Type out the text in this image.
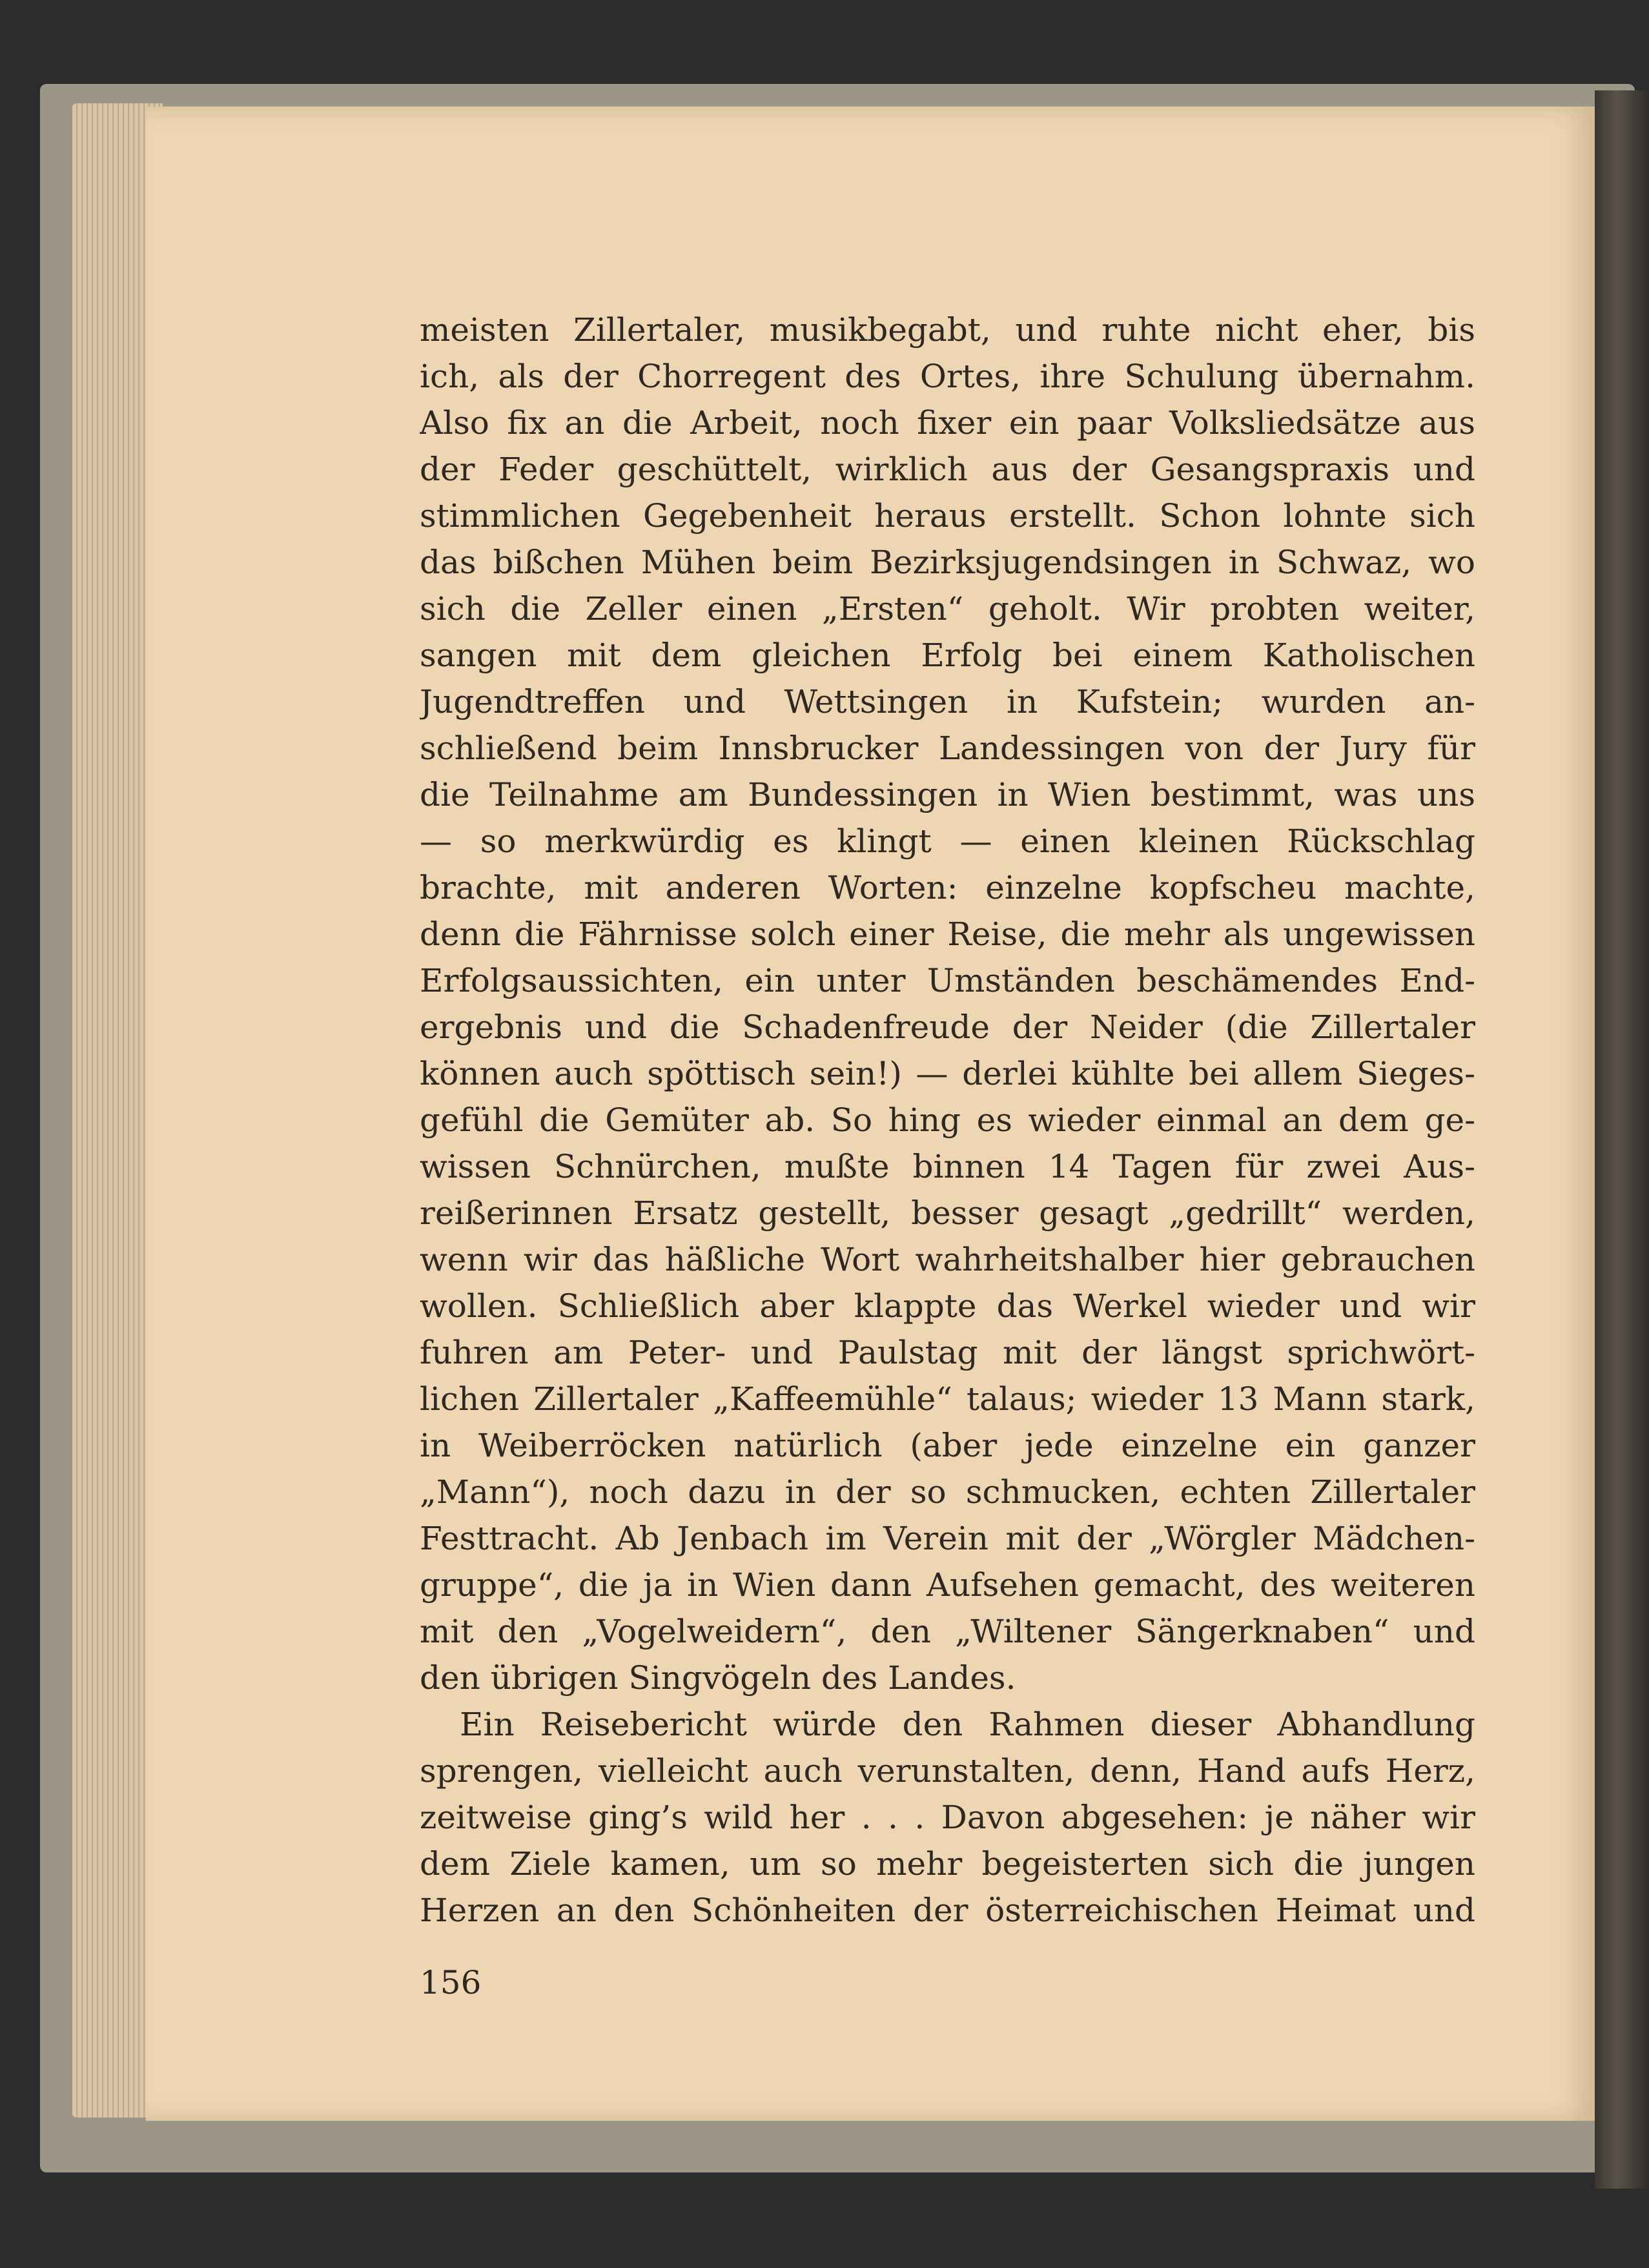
meisten Zillertaler, musikbegabt, und ruhte nicht eher, bis
ich, als der Chorregent des Ortes, ihre Schulung übernahm.
Also fix an die Arbeit, noch fixer ein paar Volksliedsätze aus
der Feder geschüttelt, wirklich aus der Gesangspraxis und
stimmlichen Gegebenheit heraus erstellt. Schon lohnte sich
das bißchen Mühen beim Bezirksjugendsingen in Schwaz, wo
sich die Zeller einen „Ersten“ geholt. Wir probten weiter,
sangen mit dem gleichen Erfolg bei einem Katholischen
Jugendtreffen und Wettsingen in Kufstein; wurden an-
schließend beim Innsbrucker Landessingen von der Jury für
die Teilnahme am Bundessingen in Wien bestimmt, was uns
— so merkwürdig es klingt — einen kleinen Rückschlag
brachte, mit anderen Worten: einzelne kopfscheu machte,
denn die Fährnisse solch einer Reise, die mehr als ungewissen
Erfolgsaussichten, ein unter Umständen beschämendes End-
ergebnis und die Schadenfreude der Neider (die Zillertaler
können auch spöttisch sein!) — derlei kühlte bei allem Sieges-
gefühl die Gemüter ab. So hing es wieder einmal an dem ge-
wissen Schnürchen, mußte binnen 14 Tagen für zwei Aus-
reißerinnen Ersatz gestellt, besser gesagt „gedrillt“ werden,
wenn wir das häßliche Wort wahrheitshalber hier gebrauchen
wollen. Schließlich aber klappte das Werkel wieder und wir
fuhren am Peter- und Paulstag mit der längst sprichwört-
lichen Zillertaler „Kaffeemühle“ talaus; wieder 13 Mann stark,
in Weiberröcken natürlich (aber jede einzelne ein ganzer
„Mann“), noch dazu in der so schmucken, echten Zillertaler
Festtracht. Ab Jenbach im Verein mit der „Wörgler Mädchen-
gruppe“, die ja in Wien dann Aufsehen gemacht, des weiteren
mit den „Vogelweidern“, den „Wiltener Sängerknaben“ und
den übrigen Singvögeln des Landes.
Ein Reisebericht würde den Rahmen dieser Abhandlung
sprengen, vielleicht auch verunstalten, denn, Hand aufs Herz,
zeitweise ging’s wild her . . . Davon abgesehen: je näher wir
dem Ziele kamen, um so mehr begeisterten sich die jungen
Herzen an den Schönheiten der österreichischen Heimat und
156
